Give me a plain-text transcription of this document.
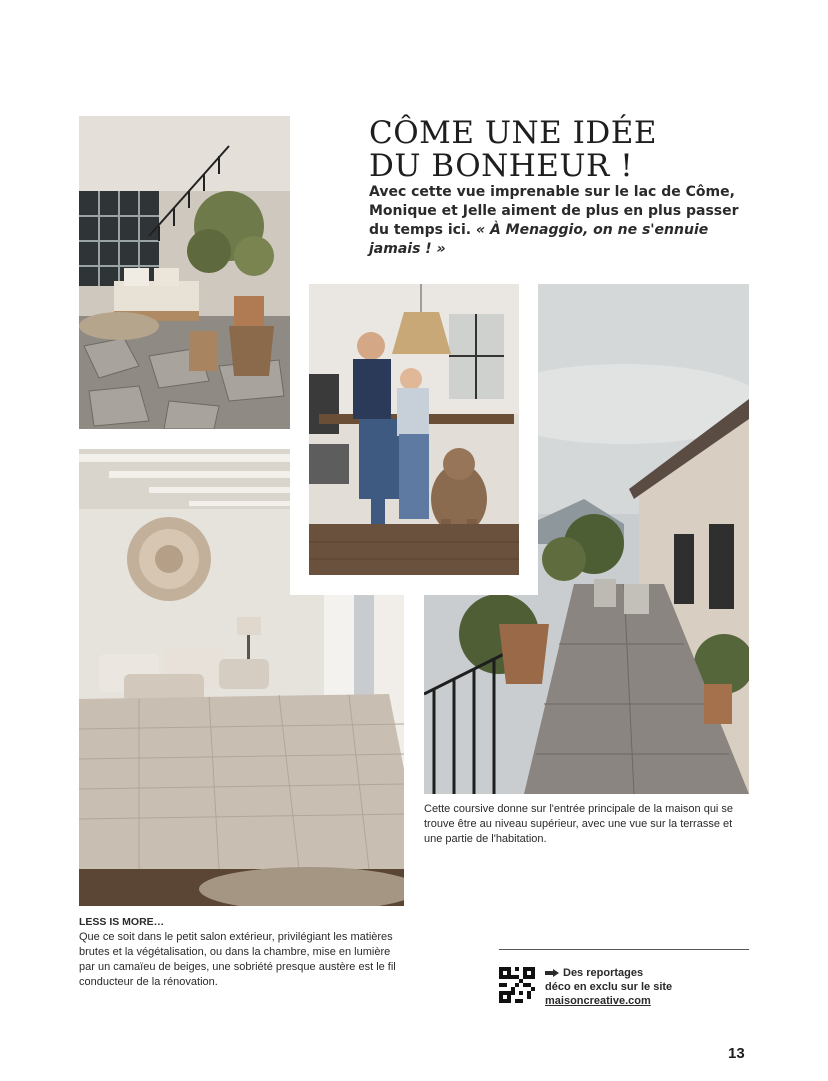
CÔME UNE IDÉE
DU BONHEUR !

Avec cette vue imprenable sur le lac de Côme, Monique et Jelle aiment de plus en plus passer du temps ici. « À Menaggio, on ne s'ennuie jamais ! »

Cette coursive donne sur l'entrée principale de la maison qui se trouve être au niveau supérieur, avec une vue sur la terrasse et une partie de l'habitation.

LESS IS MORE…
Que ce soit dans le petit salon extérieur, privilégiant les matières brutes et la végétalisation, ou dans la chambre, mise en lumière par un camaïeu de beiges, une sobriété presque austère est le fil conducteur de la rénovation.
Des reportages
déco en exclu sur le site
maisoncreative.com
13
